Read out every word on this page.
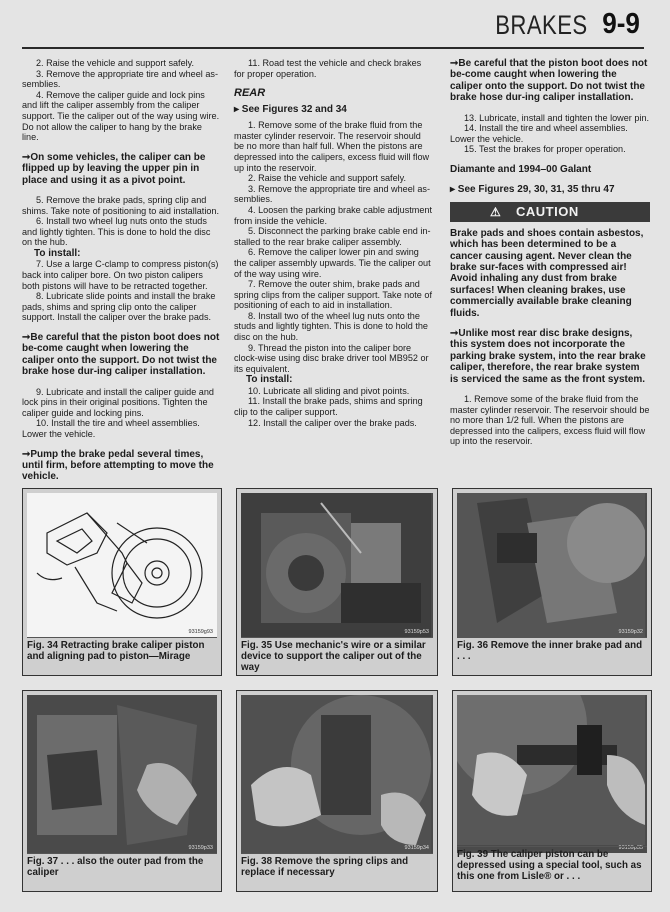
BRAKES 9-9

2. Raise the vehicle and support safely.

3. Remove the appropriate tire and wheel as-semblies.

4. Remove the caliper guide and lock pins and lift the caliper assembly from the caliper support. Tie the caliper out of the way using wire. Do not allow the caliper to hang by the brake line.

➞On some vehicles, the caliper can be flipped up by leaving the upper pin in place and using it as a pivot point.

5. Remove the brake pads, spring clip and shims. Take note of positioning to aid installation.

6. Install two wheel lug nuts onto the studs and lightly tighten. This is done to hold the disc on the hub.

To install:

7. Use a large C-clamp to compress piston(s) back into caliper bore. On two piston calipers both pistons will have to be retracted together.

8. Lubricate slide points and install the brake pads, shims and spring clip onto the caliper support. Install the caliper over the brake pads.

➞Be careful that the piston boot does not be-come caught when lowering the caliper onto the support. Do not twist the brake hose dur-ing caliper installation.

9. Lubricate and install the caliper guide and lock pins in their original positions. Tighten the caliper guide and locking pins.

10. Install the tire and wheel assemblies. Lower the vehicle.

➞Pump the brake pedal several times, until firm, before attempting to move the vehicle.

11. Road test the vehicle and check brakes for proper operation.

REAR

▸ See Figures 32 and 34

1. Remove some of the brake fluid from the master cylinder reservoir. The reservoir should be no more than half full. When the pistons are depressed into the calipers, excess fluid will flow up into the reservoir.

2. Raise the vehicle and support safely.

3. Remove the appropriate tire and wheel as-semblies.

4. Loosen the parking brake cable adjustment from inside the vehicle.

5. Disconnect the parking brake cable end in-stalled to the rear brake caliper assembly.

6. Remove the caliper lower pin and swing the caliper assembly upwards. Tie the caliper out of the way using wire.

7. Remove the outer shim, brake pads and spring clips from the caliper support. Take note of positioning of each to aid in installation.

8. Install two of the wheel lug nuts onto the studs and lightly tighten. This is done to hold the disc on the hub.

9. Thread the piston into the caliper bore clock-wise using disc brake driver tool MB952 or its equivalent.

To install:

10. Lubricate all sliding and pivot points.

11. Install the brake pads, shims and spring clip to the caliper support.

12. Install the caliper over the brake pads.

➞Be careful that the piston boot does not be-come caught when lowering the caliper onto the support. Do not twist the brake hose dur-ing caliper installation.

13. Lubricate, install and tighten the lower pin.

14. Install the tire and wheel assemblies. Lower the vehicle.

15. Test the brakes for proper operation.

Diamante and 1994–00 Galant

▸ See Figures 29, 30, 31, 35 thru 47

⚠ CAUTION

Brake pads and shoes contain asbestos, which has been determined to be a cancer causing agent. Never clean the brake sur-faces with compressed air! Avoid inhaling any dust from brake surfaces! When cleaning brakes, use commercially available brake cleaning fluids.

➞Unlike most rear disc brake designs, this system does not incorporate the parking brake system, into the rear brake caliper, therefore, the rear brake system is serviced the same as the front system.

1. Remove some of the brake fluid from the master cylinder reservoir. The reservoir should be no more than 1/2 full. When the pistons are depressed into the calipers, excess fluid will flow up into the reservoir.

93159g93
Fig. 34 Retracting brake caliper piston and aligning pad to piston—Mirage
93159p53
Fig. 35 Use mechanic's wire or a similar device to support the caliper out of the way
93159p32
Fig. 36 Remove the inner brake pad and . . .
93159p33
Fig. 37 . . . also the outer pad from the caliper
93159p34
Fig. 38 Remove the spring clips and replace if necessary
93159p35
Fig. 39 The caliper piston can be depressed using a special tool, such as this one from Lisle® or . . .
